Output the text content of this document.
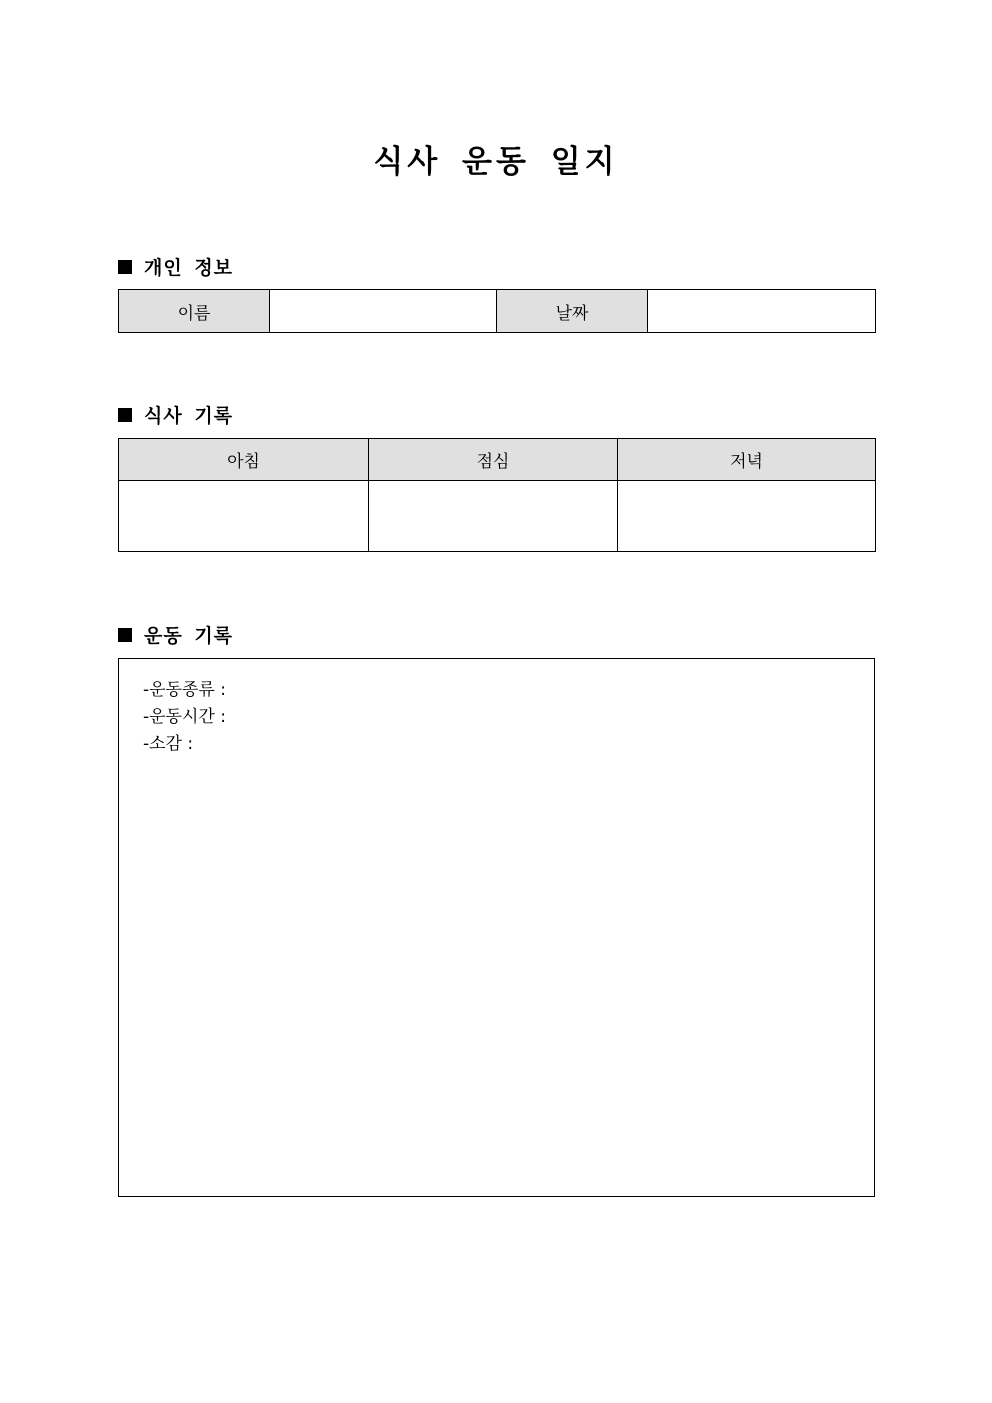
식사 운동 일지
개인 정보
이름		날짜	
식사 기록
아침	점심	저녁

운동 기록
-운동종류 :
-운동시간 :
-소감 :
